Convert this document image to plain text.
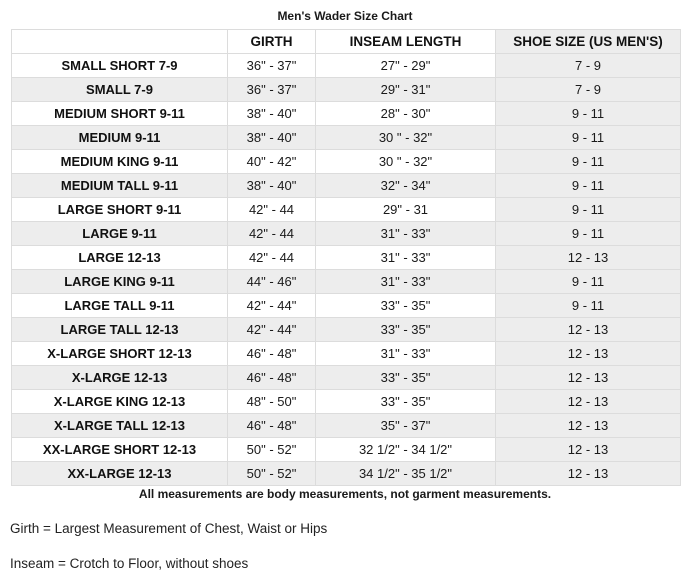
Men's Wader Size Chart
	GIRTH	INSEAM LENGTH	SHOE SIZE (US MEN'S)
SMALL SHORT 7-9	36" - 37"	27" - 29"	7 - 9
SMALL 7-9	36" - 37"	29" - 31"	7 - 9
MEDIUM SHORT 9-11	38" - 40"	28" - 30"	9 - 11
MEDIUM 9-11	38" - 40"	30 " - 32"	9 - 11
MEDIUM KING 9-11	40" - 42"	30 " - 32"	9 - 11
MEDIUM TALL 9-11	38" - 40"	32" - 34"	9 - 11
LARGE SHORT 9-11	42" - 44	29" - 31	9 - 11
LARGE 9-11	42" - 44	31" - 33"	9 - 11
LARGE 12-13	42" - 44	31" - 33"	12 - 13
LARGE KING 9-11	44" - 46"	31" - 33"	9 - 11
LARGE TALL 9-11	42" - 44"	33" - 35"	9 - 11
LARGE TALL 12-13	42" - 44"	33" - 35"	12 - 13
X-LARGE SHORT 12-13	46" - 48"	31" - 33"	12 - 13
X-LARGE 12-13	46" - 48"	33" - 35"	12 - 13
X-LARGE KING 12-13	48" - 50"	33" - 35"	12 - 13
X-LARGE TALL 12-13	46" - 48"	35" - 37"	12 - 13
XX-LARGE SHORT 12-13	50" - 52"	32 1/2" - 34 1/2"	12 - 13
XX-LARGE 12-13	50" - 52"	34 1/2" - 35 1/2"	12 - 13
All measurements are body measurements, not garment measurements.
Girth = Largest Measurement of Chest, Waist or Hips
Inseam = Crotch to Floor, without shoes
